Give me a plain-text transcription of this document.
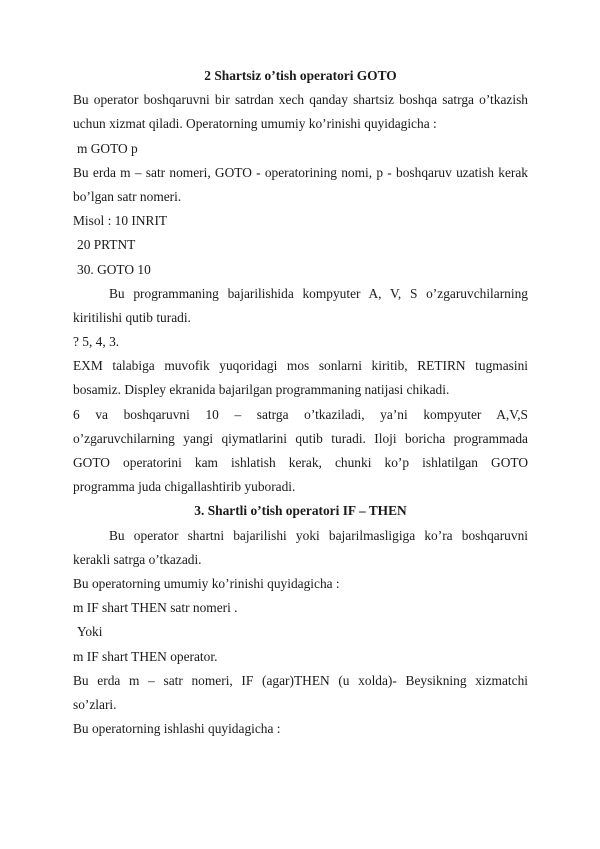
2 Shartsiz o’tish operatori GOTO
Bu operator boshqaruvni bir satrdan xech qanday shartsiz boshqa satrga o’tkazish
uchun xizmat qiladi. Operatorning umumiy ko’rinishi quyidagicha :
m GOTO p
Bu erda m – satr nomeri, GOTO - operatorining nomi, p - boshqaruv uzatish kerak
bo’lgan satr nomeri.
Misol : 10 INRIT
20 PRTNT
30. GOTO 10
Bu programmaning bajarilishida kompyuter A, V, S o’zgaruvchilarning
kiritilishi qutib turadi.
? 5, 4, 3.
EXM talabiga muvofik yuqoridagi mos sonlarni kiritib, RETIRN tugmasini
bosamiz. Displey ekranida bajarilgan programmaning natijasi chikadi.
6 va boshqaruvni 10 – satrga o’tkaziladi, ya’ni kompyuter A,V,S
o’zgaruvchilarning yangi qiymatlarini qutib turadi. Iloji boricha programmada
GOTO operatorini kam ishlatish kerak, chunki ko’p ishlatilgan GOTO
programma juda chigallashtirib yuboradi.
3. Shartli o’tish operatori IF – THEN
Bu operator shartni bajarilishi yoki bajarilmasligiga ko’ra boshqaruvni
kerakli satrga o’tkazadi.
Bu operatorning umumiy ko’rinishi quyidagicha :
m IF shart THEN satr nomeri .
Yoki
m IF shart THEN operator.
Bu erda m – satr nomeri, IF (agar)THEN (u xolda)- Beysikning xizmatchi
so’zlari.
Bu operatorning ishlashi quyidagicha :
